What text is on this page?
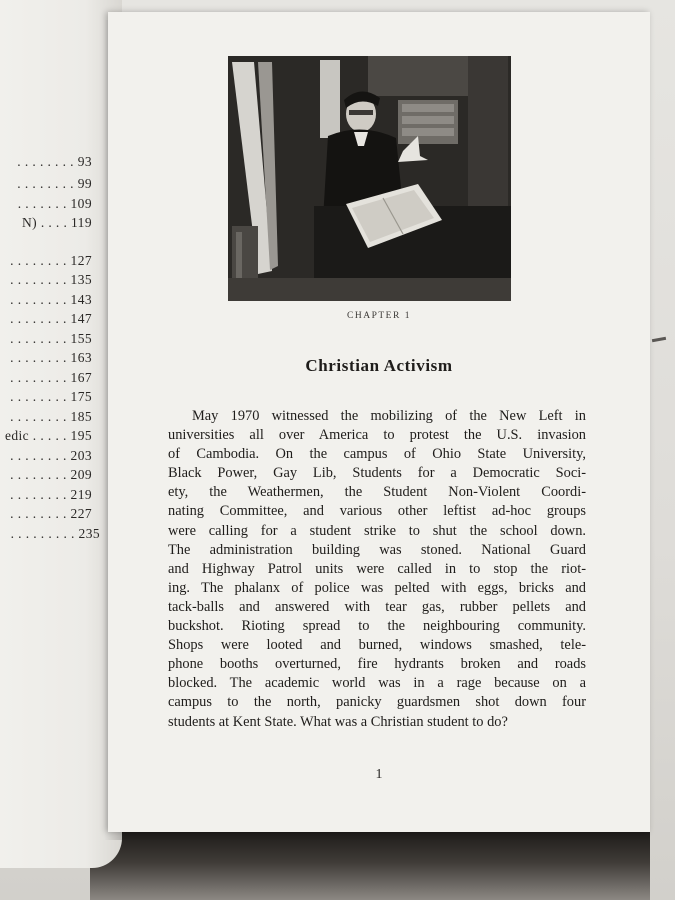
. . . . . . . . 93
. . . . . . . . 99
. . . . . . . 109
N) . . . . 119
. . . . . . . . 127
. . . . . . . . 135
. . . . . . . . 143
. . . . . . . . 147
. . . . . . . . 155
. . . . . . . . 163
. . . . . . . . 167
. . . . . . . . 175
. . . . . . . . 185
edic . . . . . 195
. . . . . . . . 203
. . . . . . . . 209
. . . . . . . . 219
. . . . . . . . 227
. . . . . . . . . 235
CHAPTER 1
Christian Activism
May 1970 witnessed the mobilizing of the New Left in
universities all over America to protest the U.S. invasion
of Cambodia. On the campus of Ohio State University,
Black Power, Gay Lib, Students for a Democratic Soci-
ety, the Weathermen, the Student Non-Violent Coordi-
nating Committee, and various other leftist ad-hoc groups
were calling for a student strike to shut the school down.
The administration building was stoned. National Guard
and Highway Patrol units were called in to stop the riot-
ing. The phalanx of police was pelted with eggs, bricks and
tack-balls and answered with tear gas, rubber pellets and
buckshot. Rioting spread to the neighbouring community.
Shops were looted and burned, windows smashed, tele-
phone booths overturned, fire hydrants broken and roads
blocked. The academic world was in a rage because on a
campus to the north, panicky guardsmen shot down four
students at Kent State. What was a Christian student to do?
1
